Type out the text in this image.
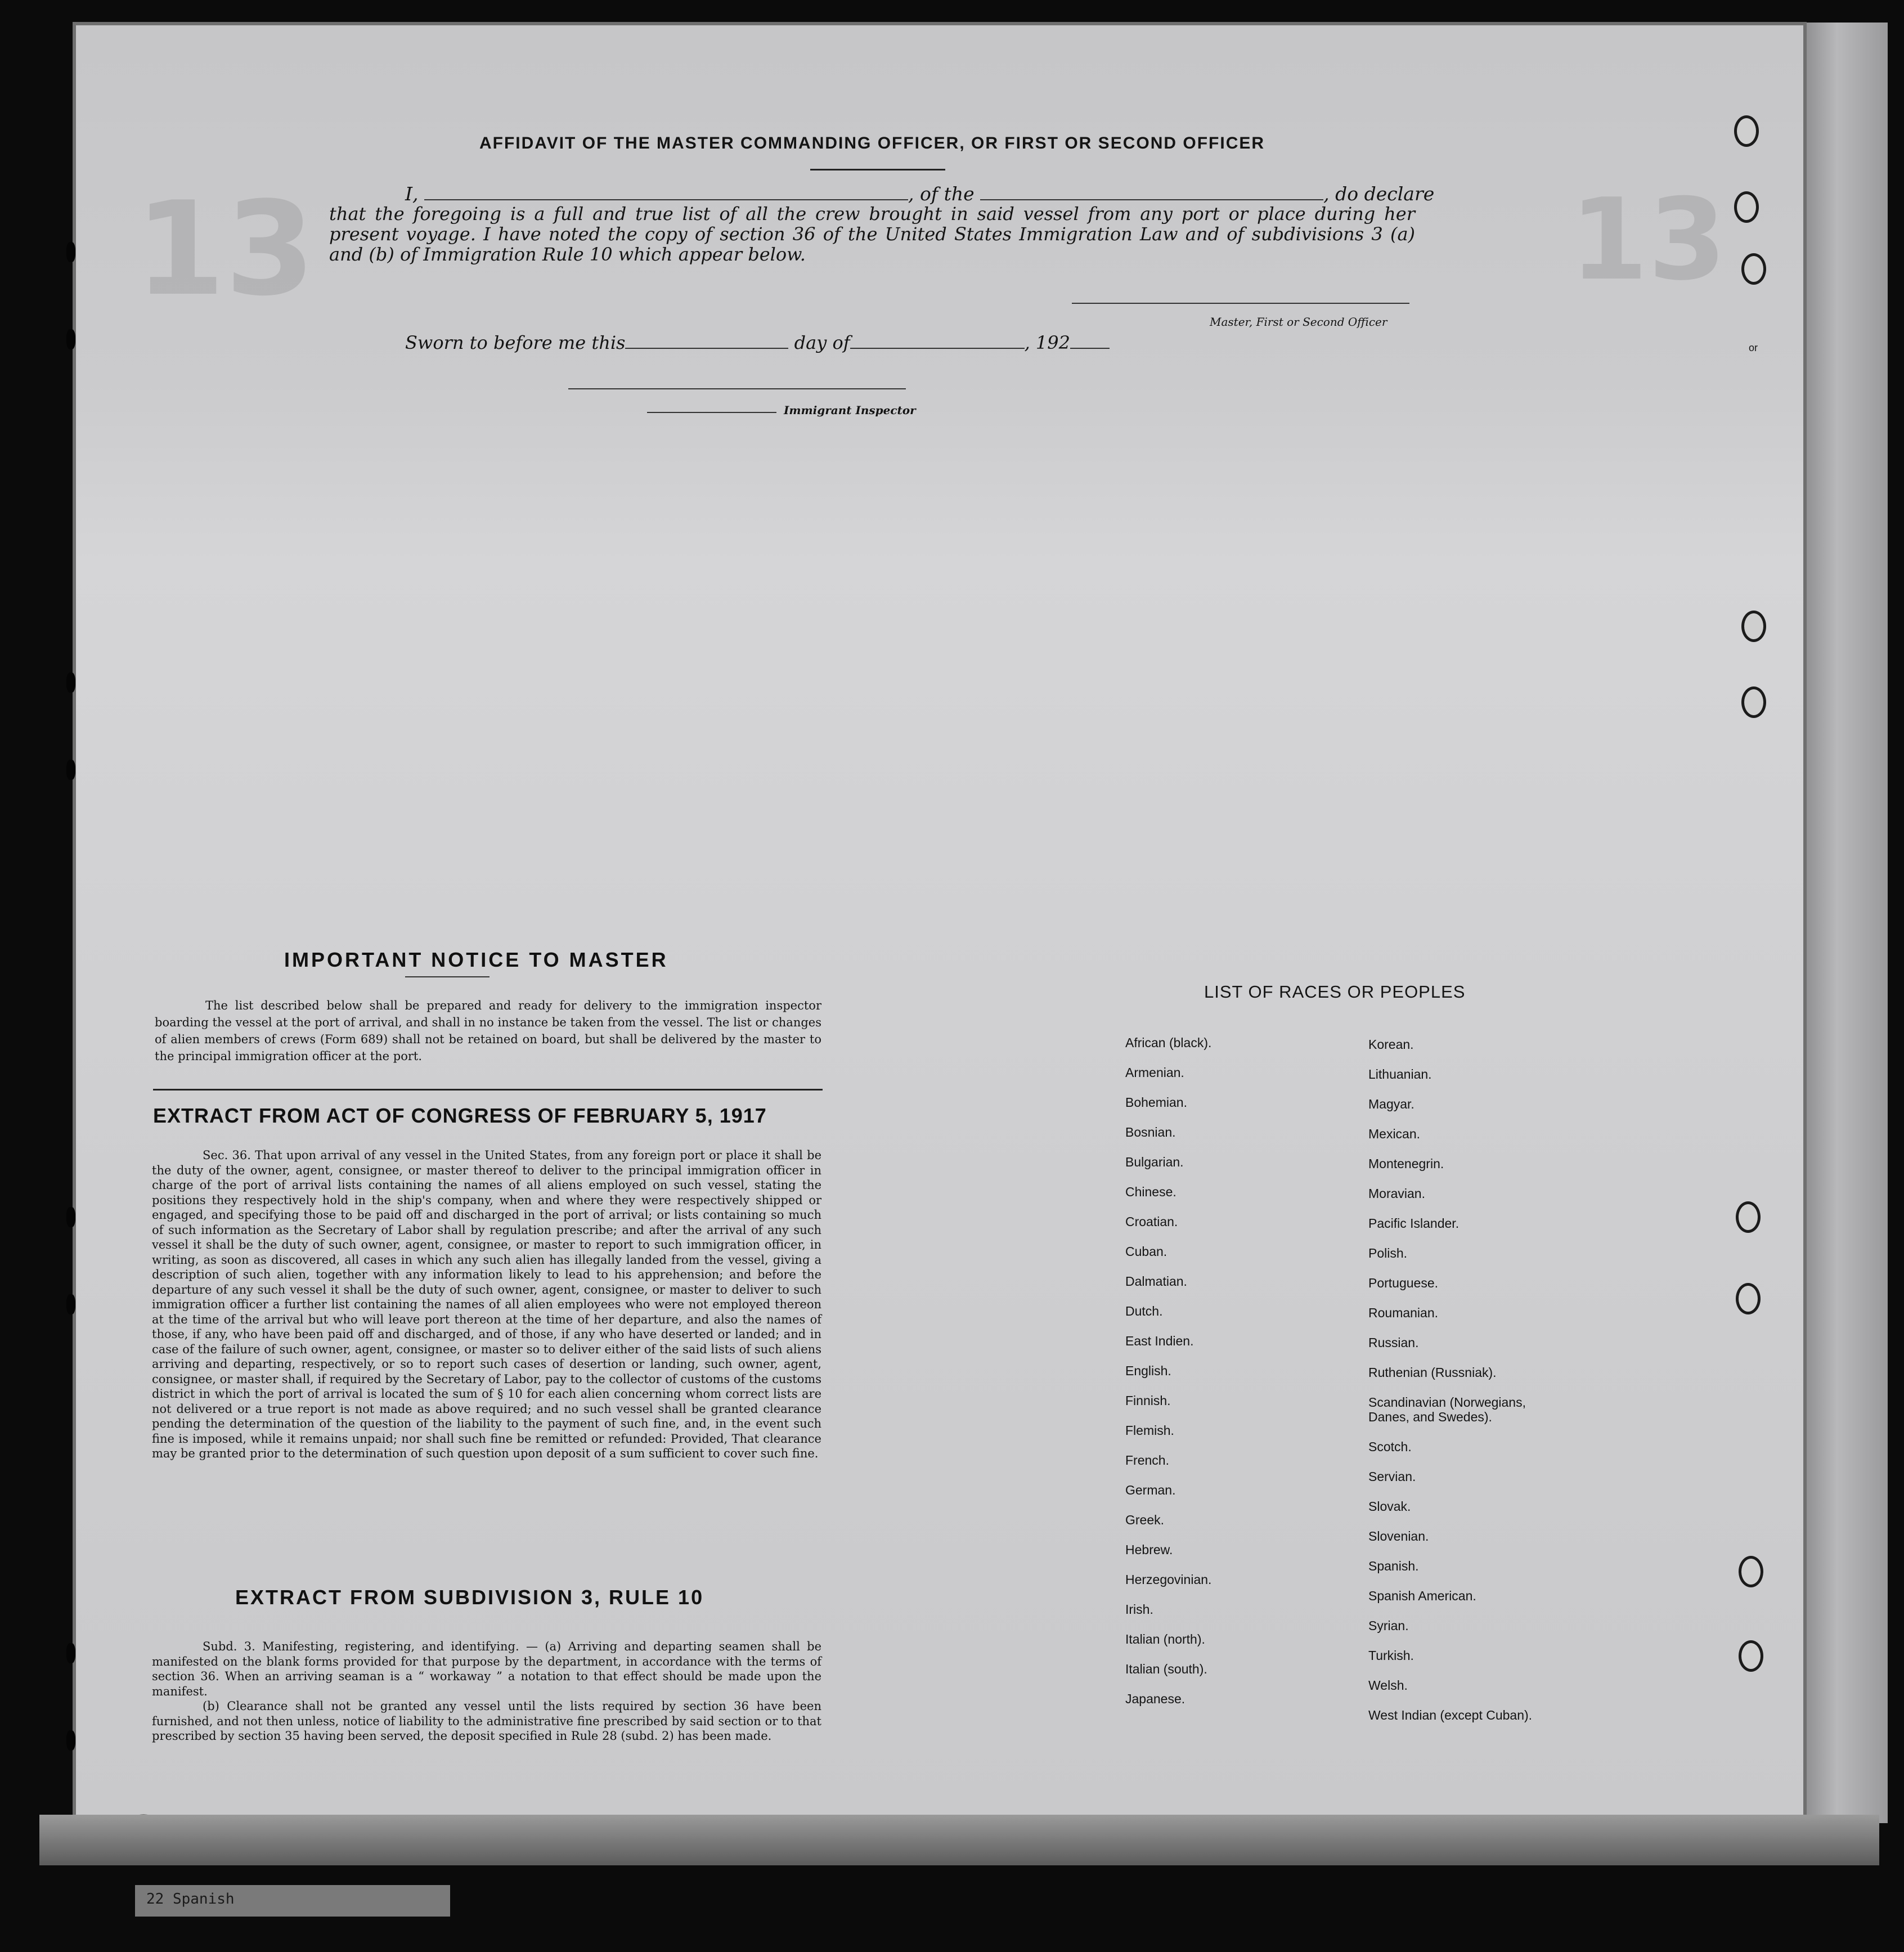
or
13	13
AFFIDAVIT OF THE MASTER COMMANDING OFFICER, OR FIRST OR SECOND OFFICER
I,	, of the	, do declare
that the foregoing is a full and true list of all the crew brought in said vessel from any port or place during her present voyage. I have noted the copy of section 36 of the United States Immigration Law and of subdivisions 3 (a) and (b) of Immigration Rule 10 which appear below.
Master, First or Second Officer
Sworn to before me this	day of	, 192
Immigrant Inspector
IMPORTANT NOTICE TO MASTER
The list described below shall be prepared and ready for delivery to the immigration inspector boarding the vessel at the port of arrival, and shall in no instance be taken from the vessel. The list or changes of alien members of crews (Form 689) shall not be retained on board, but shall be delivered by the master to the principal immigration officer at the port.
EXTRACT FROM ACT OF CONGRESS OF FEBRUARY 5, 1917
Sec. 36. That upon arrival of any vessel in the United States, from any foreign port or place it shall be the duty of the owner, agent, consignee, or master thereof to deliver to the principal immigration officer in charge of the port of arrival lists containing the names of all aliens employed on such vessel, stating the positions they respectively hold in the ship's company, when and where they were respectively shipped or engaged, and specifying those to be paid off and discharged in the port of arrival; or lists containing so much of such information as the Secretary of Labor shall by regulation prescribe; and after the arrival of any such vessel it shall be the duty of such owner, agent, consignee, or master to report to such immigration officer, in writing, as soon as discovered, all cases in which any such alien has illegally landed from the vessel, giving a description of such alien, together with any information likely to lead to his apprehension; and before the departure of any such vessel it shall be the duty of such owner, agent, consignee, or master to deliver to such immigration officer a further list containing the names of all alien employees who were not employed thereon at the time of the arrival but who will leave port thereon at the time of her departure, and also the names of those, if any, who have been paid off and discharged, and of those, if any who have deserted or landed; and in case of the failure of such owner, agent, consignee, or master so to deliver either of the said lists of such aliens arriving and departing, respectively, or so to report such cases of desertion or landing, such owner, agent, consignee, or master shall, if required by the Secretary of Labor, pay to the collector of customs of the customs district in which the port of arrival is located the sum of § 10 for each alien concerning whom correct lists are not delivered or a true report is not made as above required; and no such vessel shall be granted clearance pending the determination of the question of the liability to the payment of such fine, and, in the event such fine is imposed, while it remains unpaid; nor shall such fine be remitted or refunded: Provided, That clearance may be granted prior to the determination of such question upon deposit of a sum sufficient to cover such fine.
EXTRACT FROM SUBDIVISION 3, RULE 10

Subd. 3. Manifesting, registering, and identifying. — (a) Arriving and departing seamen shall be manifested on the blank forms provided for that purpose by the department, in accordance with the terms of section 36. When an arriving seaman is a “ workaway ” a notation to that effect should be made upon the manifest.

(b) Clearance shall not be granted any vessel until the lists required by section 36 have been furnished, and not then unless, notice of liability to the administrative fine prescribed by said section or to that prescribed by section 35 having been served, the deposit specified in Rule 28 (subd. 2) has been made.

LIST OF RACES OR PEOPLES
African (black).
Armenian.
Bohemian.
Bosnian.
Bulgarian.
Chinese.
Croatian.
Cuban.
Dalmatian.
Dutch.
East Indien.
English.
Finnish.
Flemish.
French.
German.
Greek.
Hebrew.
Herzegovinian.
Irish.
Italian (north).
Italian (south).
Japanese.
Korean.
Lithuanian.
Magyar.
Mexican.
Montenegrin.
Moravian.
Pacific Islander.
Polish.
Portuguese.
Roumanian.
Russian.
Ruthenian (Russniak).
Scandinavian (Norwegians, Danes, and Swedes).
Scotch.
Servian.
Slovak.
Slovenian.
Spanish.
Spanish American.
Syrian.
Turkish.
Welsh.
West Indian (except Cuban).
22 Spanish
